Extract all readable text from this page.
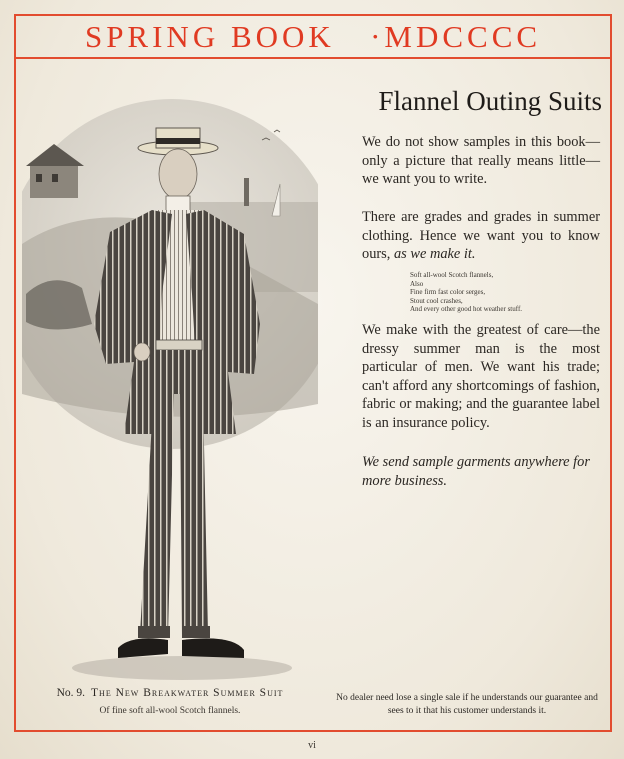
SPRING BOOK
·MDCCCC
Flannel Outing Suits
We do not show samples in this book—only a picture that really means little—we want you to write.
There are grades and grades in summer clothing. Hence we want you to know ours, as we make it.
Soft all-wool Scotch flannels,
Also
Fine firm fast color serges,
Stout cool crashes,
And every other good hot weather stuff.
We make with the greatest of care—the dressy summer man is the most particular of men. We want his trade; can't afford any shortcomings of fashion, fabric or making; and the guarantee label is an insurance policy.
We send sample garments anywhere for more business.
No. 9. The New Breakwater Summer Suit
Of fine soft all-wool Scotch flannels.
No dealer need lose a single sale if he understands our guarantee and sees to it that his customer understands it.
vi
